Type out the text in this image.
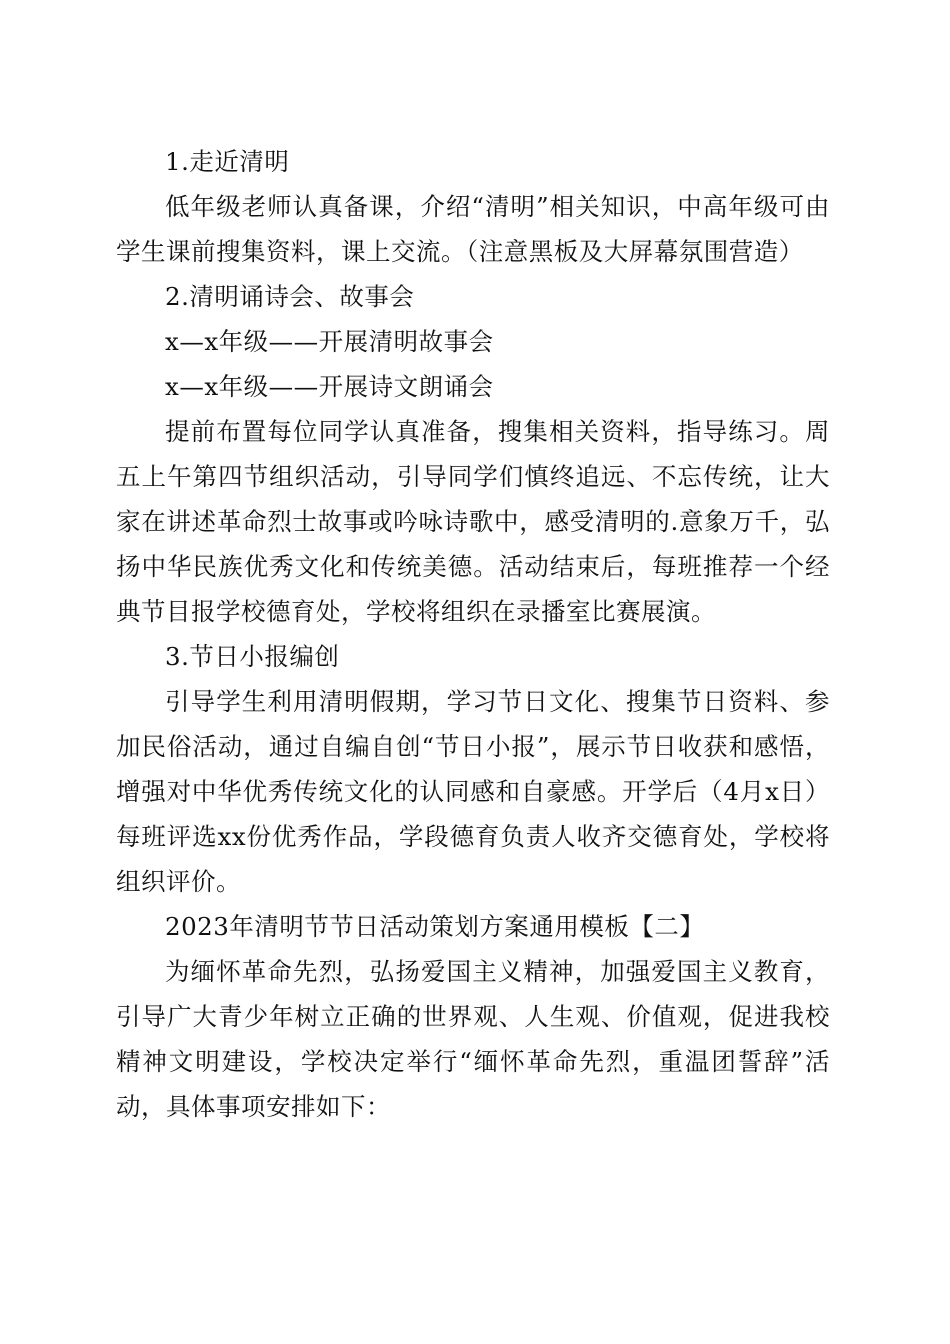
1.走近清明

低年级老师认真备课，介绍“清明”相关知识，中高年级可由学生课前搜集资料，课上交流。（注意黑板及大屏幕氛围营造）

2.清明诵诗会、故事会

x—x年级——开展清明故事会

x—x年级——开展诗文朗诵会

提前布置每位同学认真准备，搜集相关资料，指导练习。周五上午第四节组织活动，引导同学们慎终追远、不忘传统，让大家在讲述革命烈士故事或吟咏诗歌中，感受清明的.意象万千，弘扬中华民族优秀文化和传统美德。活动结束后，每班推荐一个经典节目报学校德育处，学校将组织在录播室比赛展演。

3.节日小报编创

引导学生利用清明假期，学习节日文化、搜集节日资料、参加民俗活动，通过自编自创“节日小报”，展示节日收获和感悟，增强对中华优秀传统文化的认同感和自豪感。开学后（4月x日）每班评选xx份优秀作品，学段德育负责人收齐交德育处，学校将组织评价。

2023年清明节节日活动策划方案通用模板【二】

为缅怀革命先烈，弘扬爱国主义精神，加强爱国主义教育，引导广大青少年树立正确的世界观、人生观、价值观，促进我校精神文明建设，学校决定举行“缅怀革命先烈，重温团誓辞”活动，具体事项安排如下：
